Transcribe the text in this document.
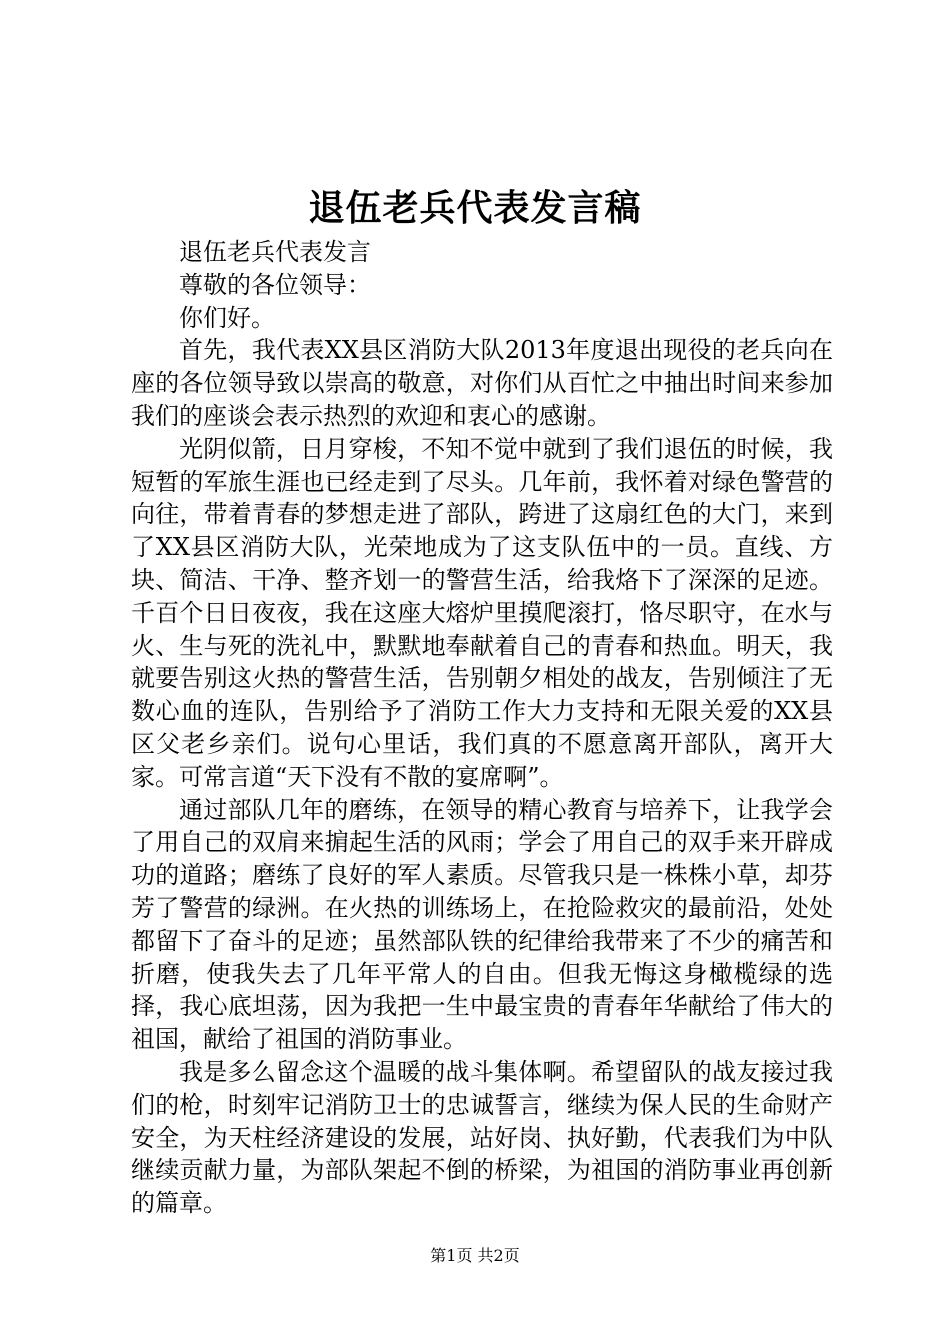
退伍老兵代表发言稿

退伍老兵代表发言

尊敬的各位领导：

你们好。

首先，我代表XX县区消防大队2013年度退出现役的老兵向在座的各位领导致以崇高的敬意，对你们从百忙之中抽出时间来参加我们的座谈会表示热烈的欢迎和衷心的感谢。

光阴似箭，日月穿梭，不知不觉中就到了我们退伍的时候，我短暂的军旅生涯也已经走到了尽头。几年前，我怀着对绿色警营的向往，带着青春的梦想走进了部队，跨进了这扇红色的大门，来到了XX县区消防大队，光荣地成为了这支队伍中的一员。直线、方块、简洁、干净、整齐划一的警营生活，给我烙下了深深的足迹。千百个日日夜夜，我在这座大熔炉里摸爬滚打，恪尽职守，在水与火、生与死的洗礼中，默默地奉献着自己的青春和热血。明天，我就要告别这火热的警营生活，告别朝夕相处的战友，告别倾注了无数心血的连队，告别给予了消防工作大力支持和无限关爱的XX县区父老乡亲们。说句心里话，我们真的不愿意离开部队，离开大家。可常言道“天下没有不散的宴席啊”。

通过部队几年的磨练，在领导的精心教育与培养下，让我学会了用自己的双肩来掮起生活的风雨；学会了用自己的双手来开辟成功的道路；磨练了良好的军人素质。尽管我只是一株株小草，却芬芳了警营的绿洲。在火热的训练场上，在抢险救灾的最前沿，处处都留下了奋斗的足迹；虽然部队铁的纪律给我带来了不少的痛苦和折磨，使我失去了几年平常人的自由。但我无悔这身橄榄绿的选择，我心底坦荡，因为我把一生中最宝贵的青春年华献给了伟大的祖国，献给了祖国的消防事业。

我是多么留念这个温暖的战斗集体啊。希望留队的战友接过我们的枪，时刻牢记消防卫士的忠诚誓言，继续为保人民的生命财产安全，为天柱经济建设的发展，站好岗、执好勤，代表我们为中队继续贡献力量，为部队架起不倒的桥梁，为祖国的消防事业再创新的篇章。

第1页 共2页
